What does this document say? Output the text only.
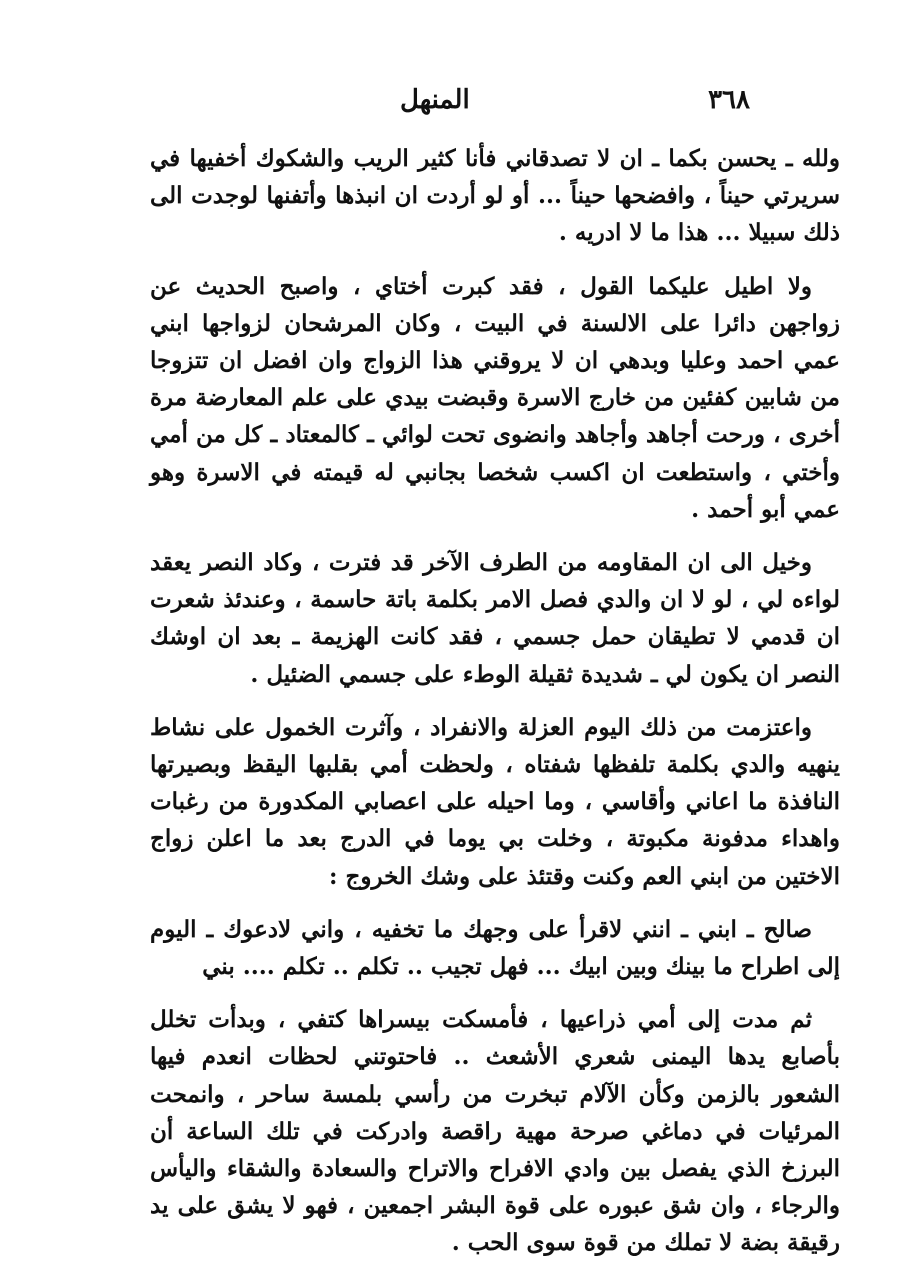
٣٦٨
المنهل

ولله ـ يحسن بكما ـ ان لا تصدقاني فأنا كثير الريب والشكوك أخفيها في سريرتي حيناً ، وافضحها حيناً ... أو لو أردت ان انبذها وأتفنها لوجدت الى ذلك سبيلا ... هذا ما لا ادريه .

ولا اطيل عليكما القول ، فقد كبرت أختاي ، واصبح الحديث عن زواجهن دائرا على الالسنة في البيت ، وكان المرشحان لزواجها ابني عمي احمد وعليا وبدهي ان لا يروقني هذا الزواج وان افضل ان تتزوجا من شابين كفئين من خارج الاسرة وقبضت بيدي على علم المعارضة مرة أخرى ، ورحت أجاهد وأجاهد وانضوى تحت لوائي ـ كالمعتاد ـ كل من أمي وأختي ، واستطعت ان اكسب شخصا بجانبي له قيمته في الاسرة وهو عمي أبو أحمد .

وخيل الى ان المقاومه من الطرف الآخر قد فترت ، وكاد النصر يعقد لواءه لي ، لو لا ان والدي فصل الامر بكلمة باتة حاسمة ، وعندئذ شعرت ان قدمي لا تطيقان حمل جسمي ، فقد كانت الهزيمة ـ بعد ان اوشك النصر ان يكون لي ـ شديدة ثقيلة الوطء على جسمي الضئيل .

واعتزمت من ذلك اليوم العزلة والانفراد ، وآثرت الخمول على نشاط ينهيه والدي بكلمة تلفظها شفتاه ، ولحظت أمي بقلبها اليقظ وبصيرتها النافذة ما اعاني وأقاسي ، وما احيله على اعصابي المكدورة من رغبات واهداء مدفونة مكبوتة ، وخلت بي يوما في الدرج بعد ما اعلن زواج الاختين من ابني العم وكنت وقتئذ على وشك الخروج :

صالح ـ ابني ـ انني لاقرأ على وجهك ما تخفيه ، واني لادعوك ـ اليوم إلى اطراح ما بينك وبين ابيك ... فهل تجيب .. تكلم .. تكلم .... بني

ثم مدت إلى أمي ذراعيها ، فأمسكت بيسراها كتفي ، وبدأت تخلل بأصابع يدها اليمنى شعري الأشعث .. فاحتوتني لحظات انعدم فيها الشعور بالزمن وكأن الآلام تبخرت من رأسي بلمسة ساحر ، وانمحت المرئيات في دماغي صرحة مهية راقصة وادركت في تلك الساعة أن البرزخ الذي يفصل بين وادي الافراح والاتراح والسعادة والشقاء واليأس والرجاء ، وان شق عبوره على قوة البشر اجمعين ، فهو لا يشق على يد رقيقة بضة لا تملك من قوة سوى الحب .
